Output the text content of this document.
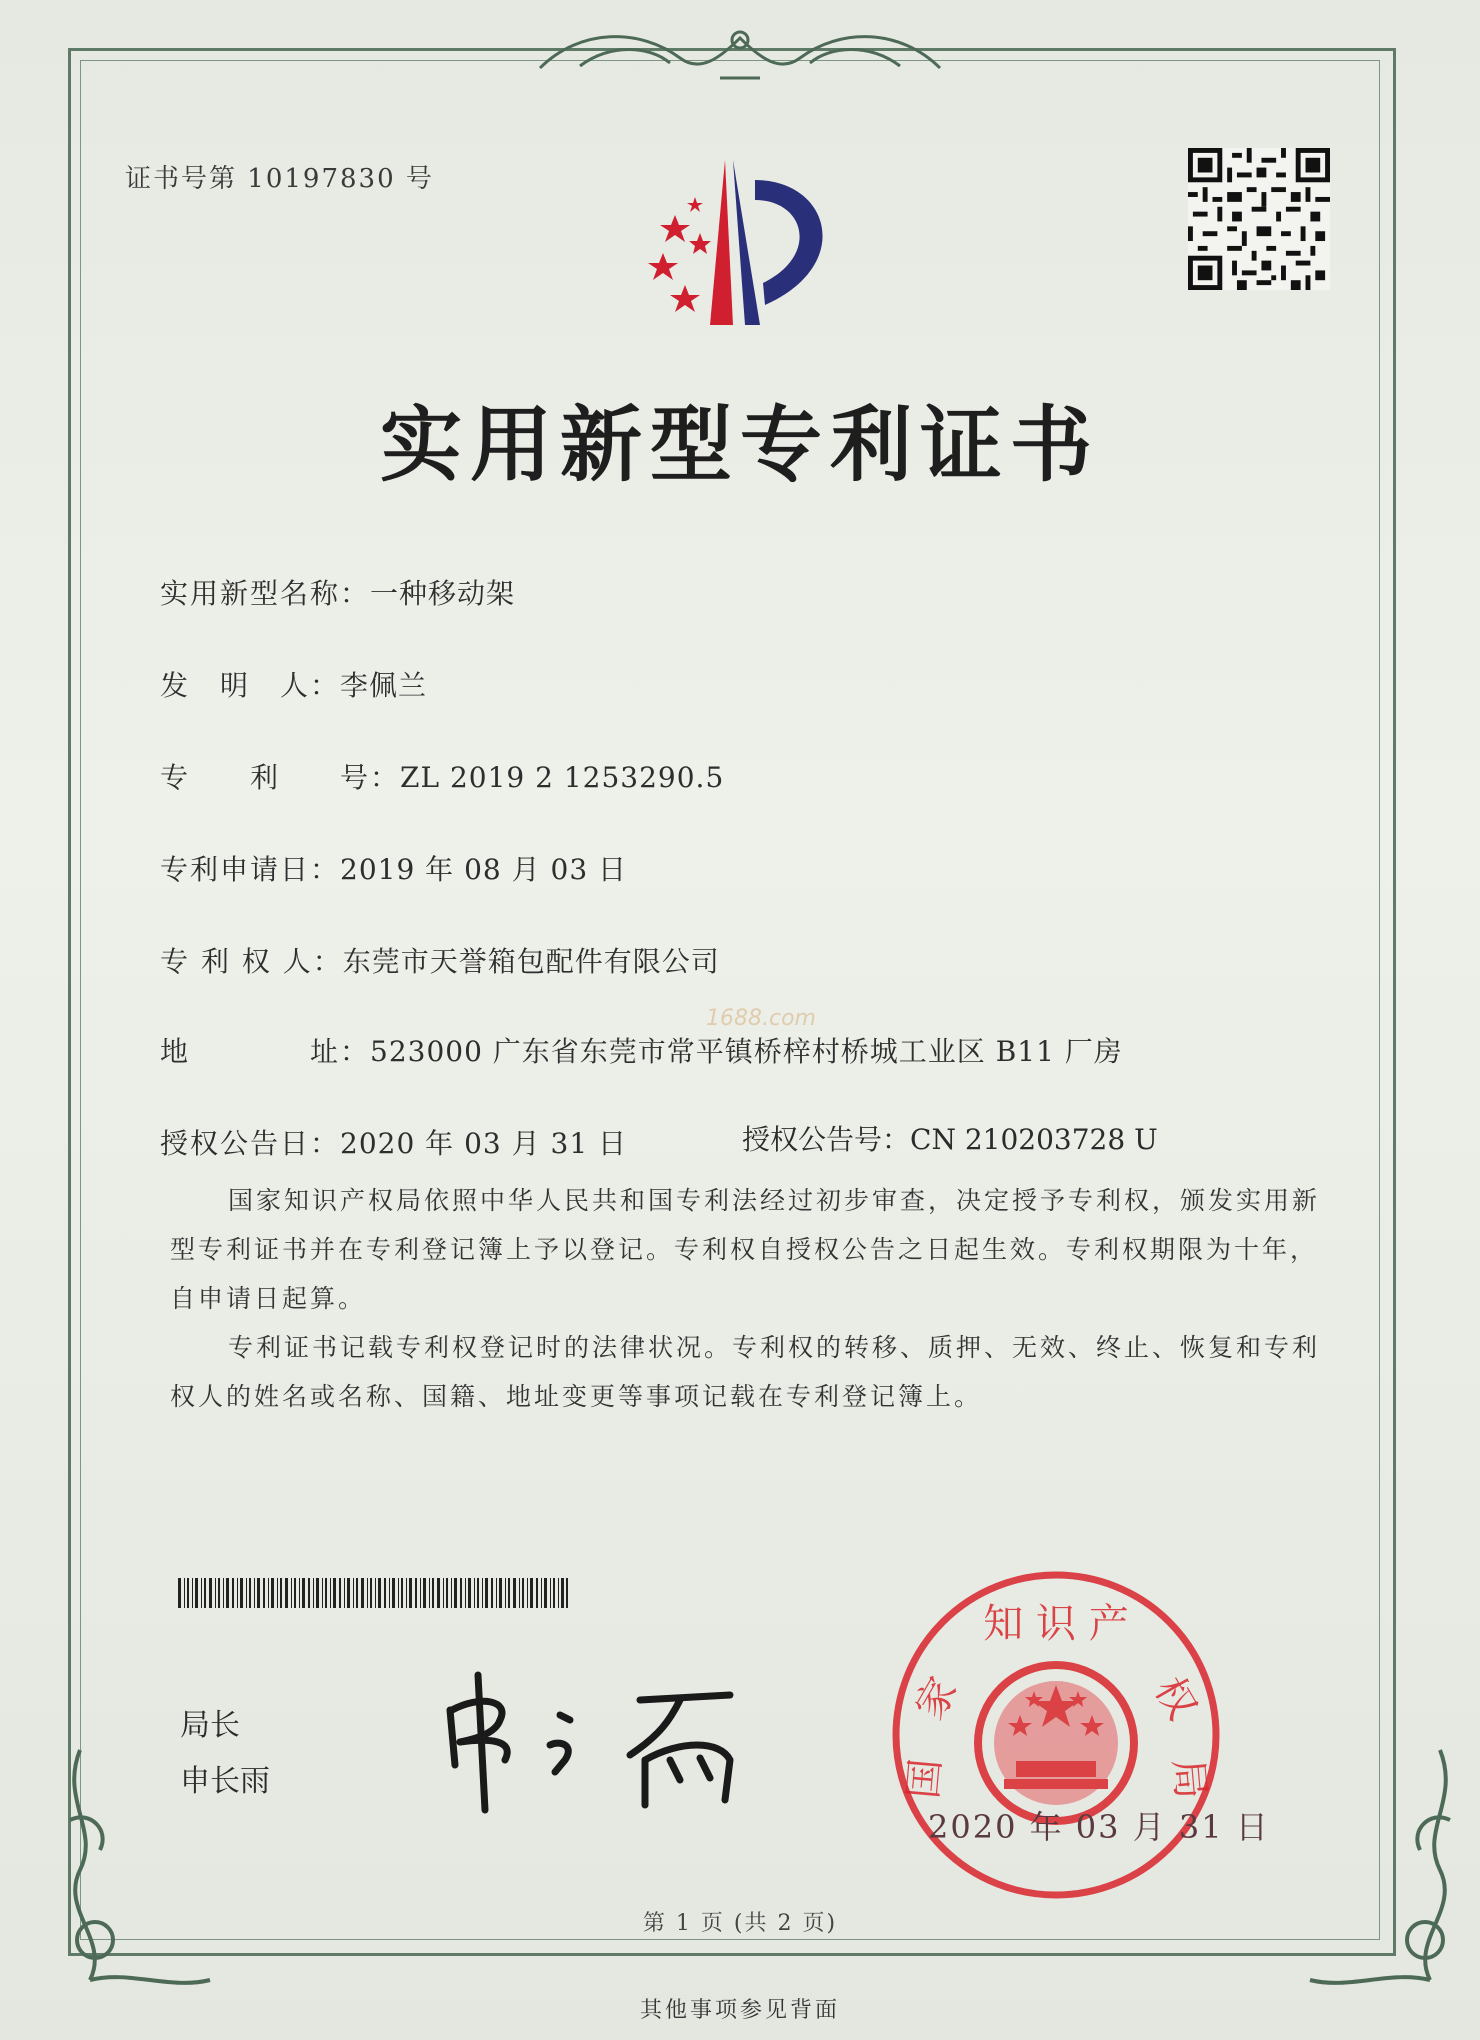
证书号第 10197830 号
实用新型专利证书
实用新型名称：一种移动架
发　明　人：李佩兰
专　　利　　号：ZL 2019 2 1253290.5
专利申请日：2019 年 08 月 03 日
专 利 权 人：东莞市天誉箱包配件有限公司
1688.com
地　　　　址：523000 广东省东莞市常平镇桥梓村桥城工业区 B11 厂房
授权公告日：2020 年 03 月 31 日	授权公告号：CN 210203728 U

国家知识产权局依照中华人民共和国专利法经过初步审查，决定授予专利权，颁发实用新型专利证书并在专利登记簿上予以登记。专利权自授权公告之日起生效。专利权期限为十年，自申请日起算。

专利证书记载专利权登记时的法律状况。专利权的转移、质押、无效、终止、恢复和专利权人的姓名或名称、国籍、地址变更等事项记载在专利登记簿上。

局长
申长雨
知 识 产
家	权
国	局
2020 年 03 月 31 日
第 1 页 (共 2 页)
其他事项参见背面
